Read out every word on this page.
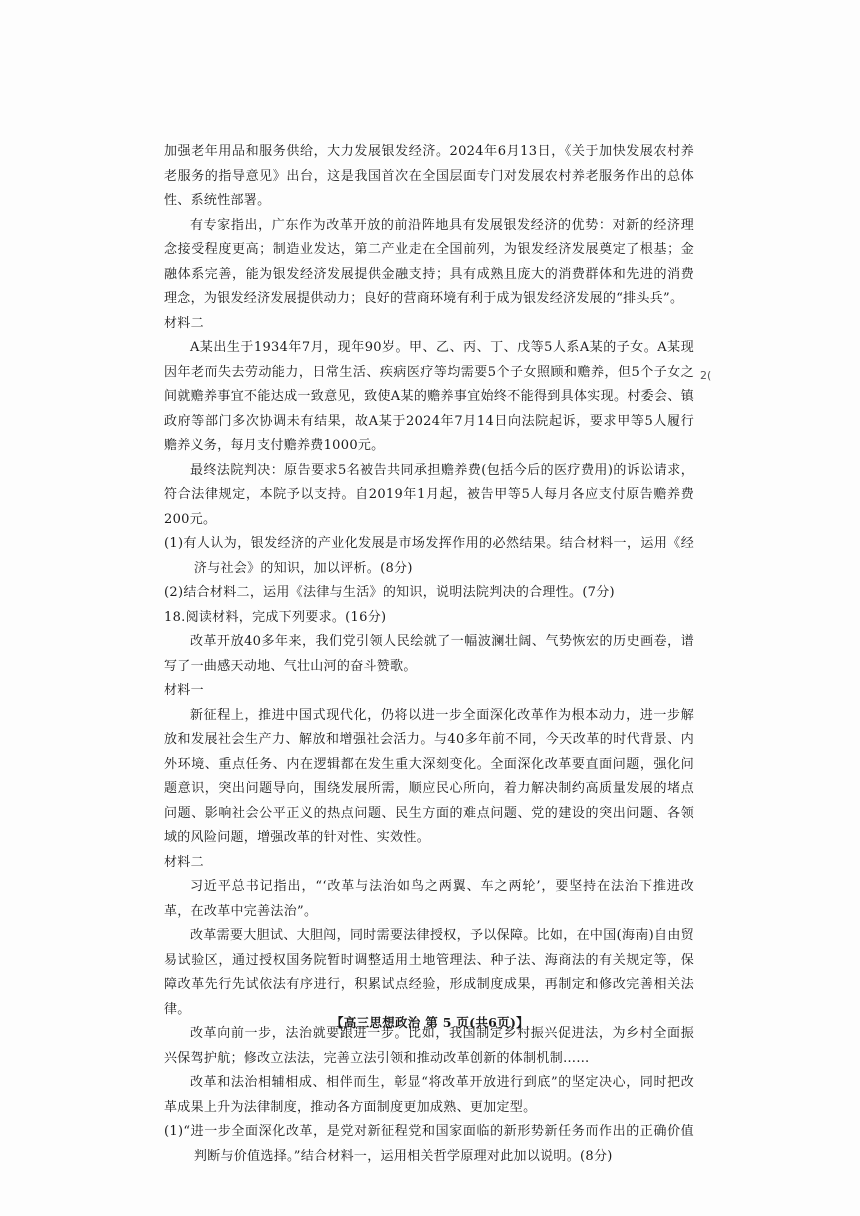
加强老年用品和服务供给，大力发展银发经济。2024年6月13日，《关于加快发展农村养老服务的指导意见》出台，这是我国首次在全国层面专门对发展农村养老服务作出的总体性、系统性部署。

有专家指出，广东作为改革开放的前沿阵地具有发展银发经济的优势：对新的经济理念接受程度更高；制造业发达，第二产业走在全国前列，为银发经济发展奠定了根基；金融体系完善，能为银发经济发展提供金融支持；具有成熟且庞大的消费群体和先进的消费理念，为银发经济发展提供动力；良好的营商环境有利于成为银发经济发展的“排头兵”。

材料二

A某出生于1934年7月，现年90岁。甲、乙、丙、丁、戊等5人系A某的子女。A某现因年老而失去劳动能力，日常生活、疾病医疗等均需要5个子女照顾和赡养，但5个子女之间就赡养事宜不能达成一致意见，致使A某的赡养事宜始终不能得到具体实现。村委会、镇政府等部门多次协调未有结果，故A某于2024年7月14日向法院起诉，要求甲等5人履行赡养义务，每月支付赡养费1000元。

最终法院判决：原告要求5名被告共同承担赡养费(包括今后的医疗费用)的诉讼请求，符合法律规定，本院予以支持。自2019年1月起，被告甲等5人每月各应支付原告赡养费200元。

(1)有人认为，银发经济的产业化发展是市场发挥作用的必然结果。结合材料一，运用《经济与社会》的知识，加以评析。(8分)

(2)结合材料二，运用《法律与生活》的知识，说明法院判决的合理性。(7分)

18.阅读材料，完成下列要求。(16分)

改革开放40多年来，我们党引领人民绘就了一幅波澜壮阔、气势恢宏的历史画卷，谱写了一曲感天动地、气壮山河的奋斗赞歌。

材料一

新征程上，推进中国式现代化，仍将以进一步全面深化改革作为根本动力，进一步解放和发展社会生产力、解放和增强社会活力。与40多年前不同，今天改革的时代背景、内外环境、重点任务、内在逻辑都在发生重大深刻变化。全面深化改革要直面问题，强化问题意识，突出问题导向，围绕发展所需，顺应民心所向，着力解决制约高质量发展的堵点问题、影响社会公平正义的热点问题、民生方面的难点问题、党的建设的突出问题、各领域的风险问题，增强改革的针对性、实效性。

材料二

习近平总书记指出，“‘改革与法治如鸟之两翼、车之两轮’，要坚持在法治下推进改革，在改革中完善法治”。

改革需要大胆试、大胆闯，同时需要法律授权，予以保障。比如，在中国(海南)自由贸易试验区，通过授权国务院暂时调整适用土地管理法、种子法、海商法的有关规定等，保障改革先行先试依法有序进行，积累试点经验，形成制度成果，再制定和修改完善相关法律。

改革向前一步，法治就要跟进一步。比如，我国制定乡村振兴促进法，为乡村全面振兴保驾护航；修改立法法，完善立法引领和推动改革创新的体制机制……

改革和法治相辅相成、相伴而生，彰显“将改革开放进行到底”的坚定决心，同时把改革成果上升为法律制度，推动各方面制度更加成熟、更加定型。

(1)“进一步全面深化改革，是党对新征程党和国家面临的新形势新任务而作出的正确价值判断与价值选择。”结合材料一，运用相关哲学原理对此加以说明。(8分)

2(
【高三思想政治 第 5 页(共6页)】
